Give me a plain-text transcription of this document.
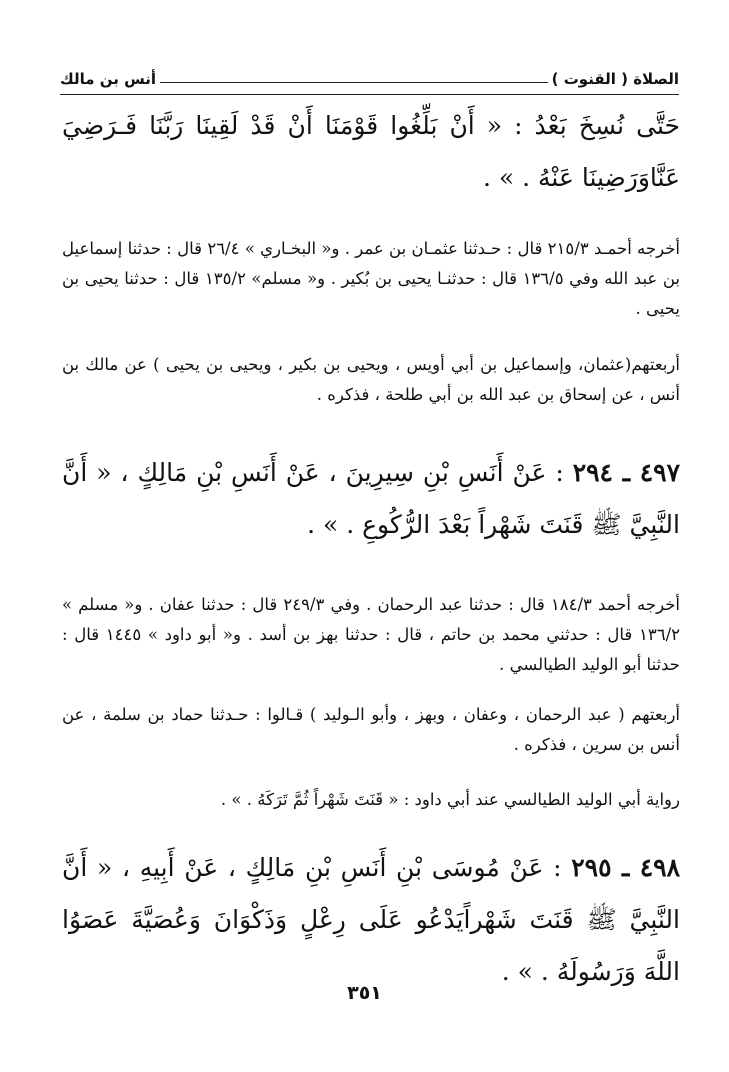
الصلاة ( القنوت )
أنس بن مالك

حَتَّى نُسِخَ بَعْدُ : « أَنْ بَلِّغُوا قَوْمَنَا أَنْ قَدْ لَقِينَا رَبَّنَا فَـرَضِيَ عَنَّاوَرَضِينَا عَنْهُ . » .

أخرجه أحمـد ٢١٥/٣ قال : حـدثنا عثمـان بن عمر . و« البخـاري » ٢٦/٤ قال : حدثنا إسماعيل بن عبد الله وفي ١٣٦/٥ قال : حدثنـا يحيى بن بُكير . و« مسلم» ١٣٥/٢ قال : حدثنا يحيى بن يحيى .

أربعتهم(عثمان، وإسماعيل بن أبي أويس ، ويحيى بن بكير ، ويحيى بن يحيى ) عن مالك بن أنس ، عن إسحاق بن عبد الله بن أبي طلحة ، فذكره .

٤٩٧ ـ ٢٩٤ : عَنْ أَنَسِ بْنِ سِيرِينَ ، عَنْ أَنَسِ بْنِ مَالِكٍ ، « أَنَّ النَّبِيَّ ﷺ قَنَتَ شَهْراً بَعْدَ الرُّكُوعِ . » .

أخرجه أحمد ١٨٤/٣ قال : حدثنا عبد الرحمان . وفي ٢٤٩/٣ قال : حدثنا عفان . و« مسلم » ١٣٦/٢ قال : حدثني محمد بن حاتم ، قال : حدثنا بهز بن أسد . و« أبو داود » ١٤٤٥ قال : حدثنا أبو الوليد الطيالسي .

أربعتهم ( عبد الرحمان ، وعفان ، وبهز ، وأبو الـوليد ) قـالوا : حـدثنا حماد بن سلمة ، عن أنس بن سرين ، فذكره .

رواية أبي الوليد الطيالسي عند أبي داود : « قَنَتَ شَهْراً ثُمَّ تَرَكَهُ . » .

٤٩٨ ـ ٢٩٥ : عَنْ مُوسَى بْنِ أَنَسِ بْنِ مَالِكٍ ، عَنْ أَبِيهِ ، « أَنَّ النَّبِيَّ ﷺ قَنَتَ شَهْراًيَدْعُو عَلَى رِعْلٍ وَذَكْوَانَ وَعُصَيَّةَ عَصَوُا اللَّهَ وَرَسُولَهُ . » .

٣٥١
